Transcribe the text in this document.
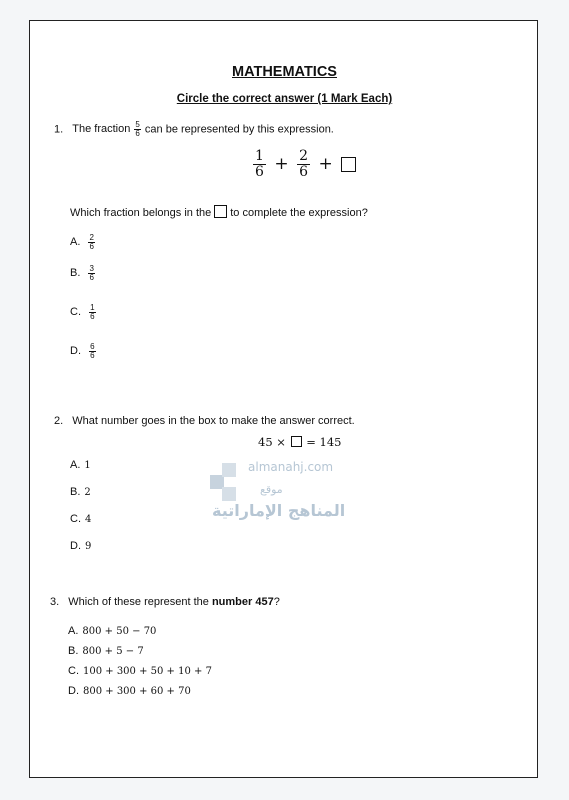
MATHEMATICS
Circle the correct answer (1 Mark Each)
1. The fraction $\frac{5}{6}$ can be represented by this expression.
$\frac{1}{6} + \frac{2}{6}$ +
Which fraction belongs in the to complete the expression?
A. $\frac{2}{6}$
B. $\frac{3}{6}$
C. $\frac{1}{6}$
D. $\frac{6}{6}$
2. What number goes in the box to make the answer correct.
45 × = 145
A. 1
B. 2
C. 4
D. 9
almanahj.com
موقع
المناهج الإماراتية
3. Which of these represent the number 457?
A. 800 + 50 − 70
B. 800 + 5 − 7
C. 100 + 300 + 50 + 10 + 7
D. 800 + 300 + 60 + 70
